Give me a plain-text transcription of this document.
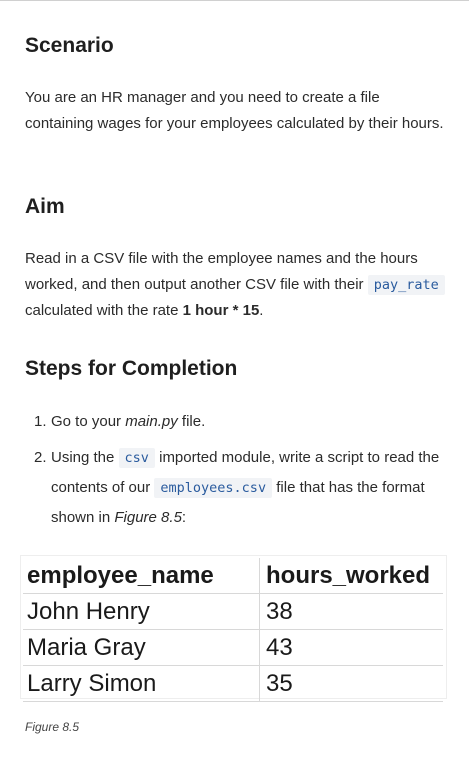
Scenario

You are an HR manager and you need to create a file containing wages for your employees calculated by their hours.

Aim

Read in a CSV file with the employee names and the hours worked, and then output another CSV file with their pay_rate calculated with the rate 1 hour * 15.

Steps for Completion
1. Go to your main.py file.
2. Using the csv imported module, write a script to read the contents of our employees.csv file that has the format shown in Figure 8.5:
employee_name	hours_worked
John Henry	38
Maria Gray	43
Larry Simon	35
Figure 8.5
